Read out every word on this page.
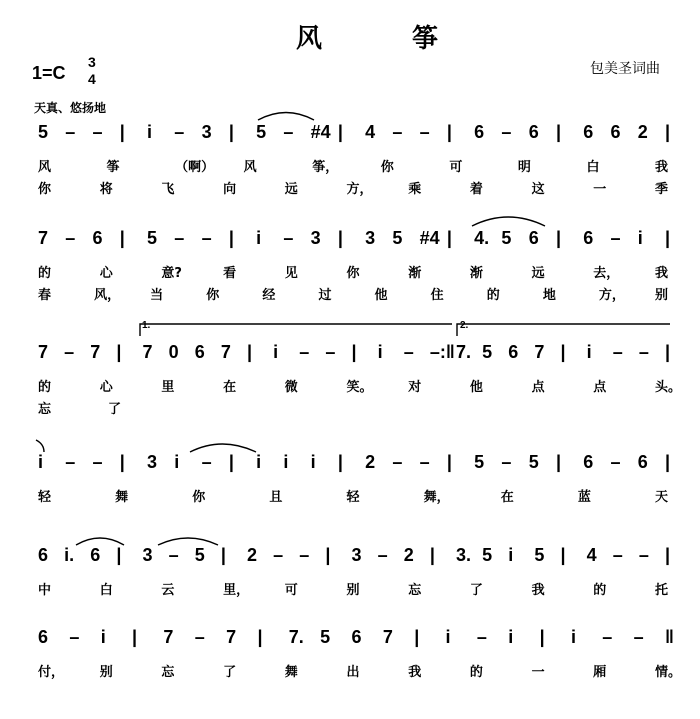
风　筝
包美圣词曲
1=C
3
4
天真、悠扬地
1.	2.
5 – – | i – 3 | 5 – #4 | 4 – – | 6 – 6 | 6 6 2 |
风	筝	（啊） 风	筝，	你	可	明	白	我
你	将	飞	向	远	方，	乘	着	这	一	季
7 – 6 | 5 – – | i – 3 | 3 5 #4 | 4. 5 6 | 6 – i |
的	心	意?	看	见	你	渐	渐	远	去，	我
春	风， 当	你	经	过	他	住	的	地	方， 别
7 – 7 | 7 0 6 7 | i – – | i – –:‖ 7. 5 6 7 | i – – |
的	心	里	在	微	笑。	对	他	点	点	头。
忘	了
i – – | 3 i – | i i i | 2 – – | 5 – 5 | 6 – 6 |
轻	舞	你	且	轻	舞，	在	蓝	天
6 i. 6 | 3 – 5 | 2 – – | 3 – 2 | 3. 5 i 5 | 4 – – |
中	白	云	里，	可	别	忘	了	我	的	托
6 – i | 7 – 7 | 7. 5 6 7 | i – i | i – – ‖
付，	别	忘	了	舞	出	我	的	一	厢	情。
